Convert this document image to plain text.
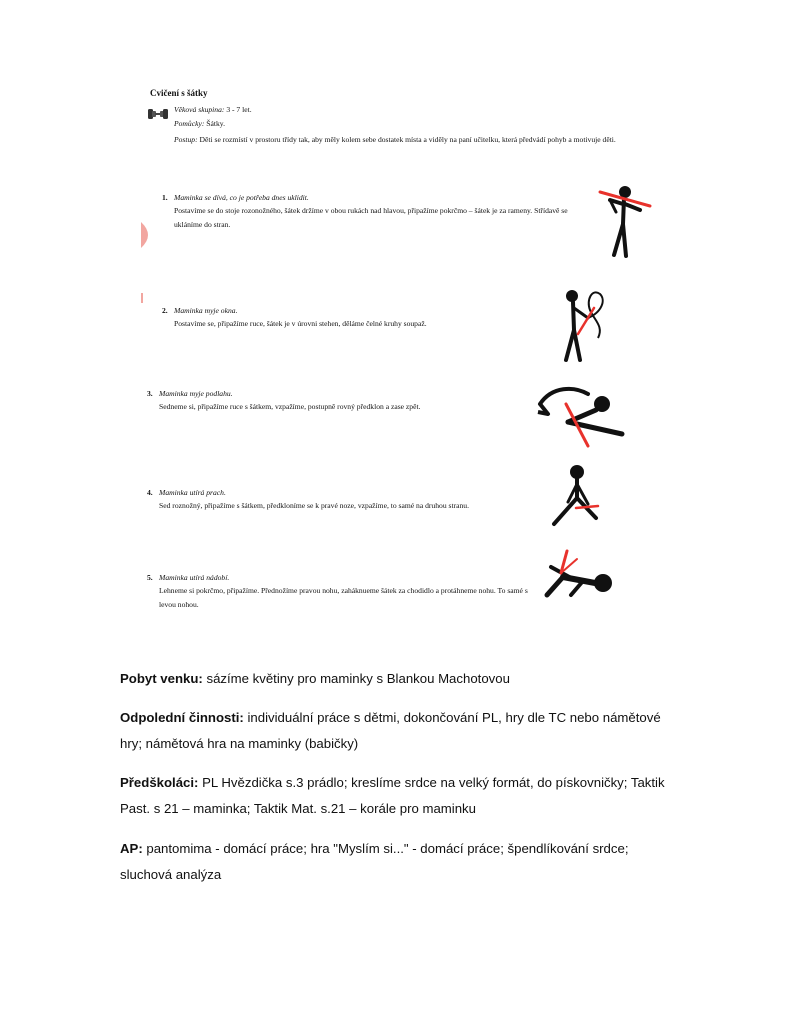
Cvičení s šátky
Věková skupina: 3 - 7 let.
Pomůcky: Šátky.
Postup: Děti se rozmístí v prostoru třídy tak, aby měly kolem sebe dostatek místa a viděly na paní učitelku, která předvádí pohyb a motivuje děti.
1. Maminka se dívá, co je potřeba dnes uklidit.
Postavíme se do stoje rozonožného, šátek držíme v obou rukách nad hlavou, připažíme pokrčmo – šátek je za rameny. Střídavě se ukláníme do stran.
2. Maminka myje okna.
Postavíme se, připažíme ruce, šátek je v úrovni stehen, děláme čelné kruhy soupaž.
3. Maminka myje podlahu.
Sedneme si, připažíme ruce s šátkem, vzpažíme, postupně rovný předklon a zase zpět.
4. Maminka utírá prach.
Sed roznožný, připažíme s šátkem, předkloníme se k pravé noze, vzpažíme, to samé na druhou stranu.
5. Maminka utírá nádobí.
Lehneme si pokrčmo, připažíme. Přednožíme pravou nohu, zaháknueme šátek za chodidlo a protáhneme nohu. To samé s levou nohou.
Pobyt venku: sázíme květiny pro maminky s Blankou Machotovou
Odpolední činnosti: individuální práce s dětmi, dokončování PL, hry dle TC nebo námětové hry; námětová hra na maminky (babičky)
Předškoláci: PL Hvězdička s.3 prádlo; kreslíme srdce na velký formát, do pískovničky; Taktik Past. s 21 – maminka; Taktik Mat. s.21 – korále pro maminku
AP: pantomima - domácí práce; hra "Myslím si..." - domácí práce; špendlíkování srdce; sluchová analýza
